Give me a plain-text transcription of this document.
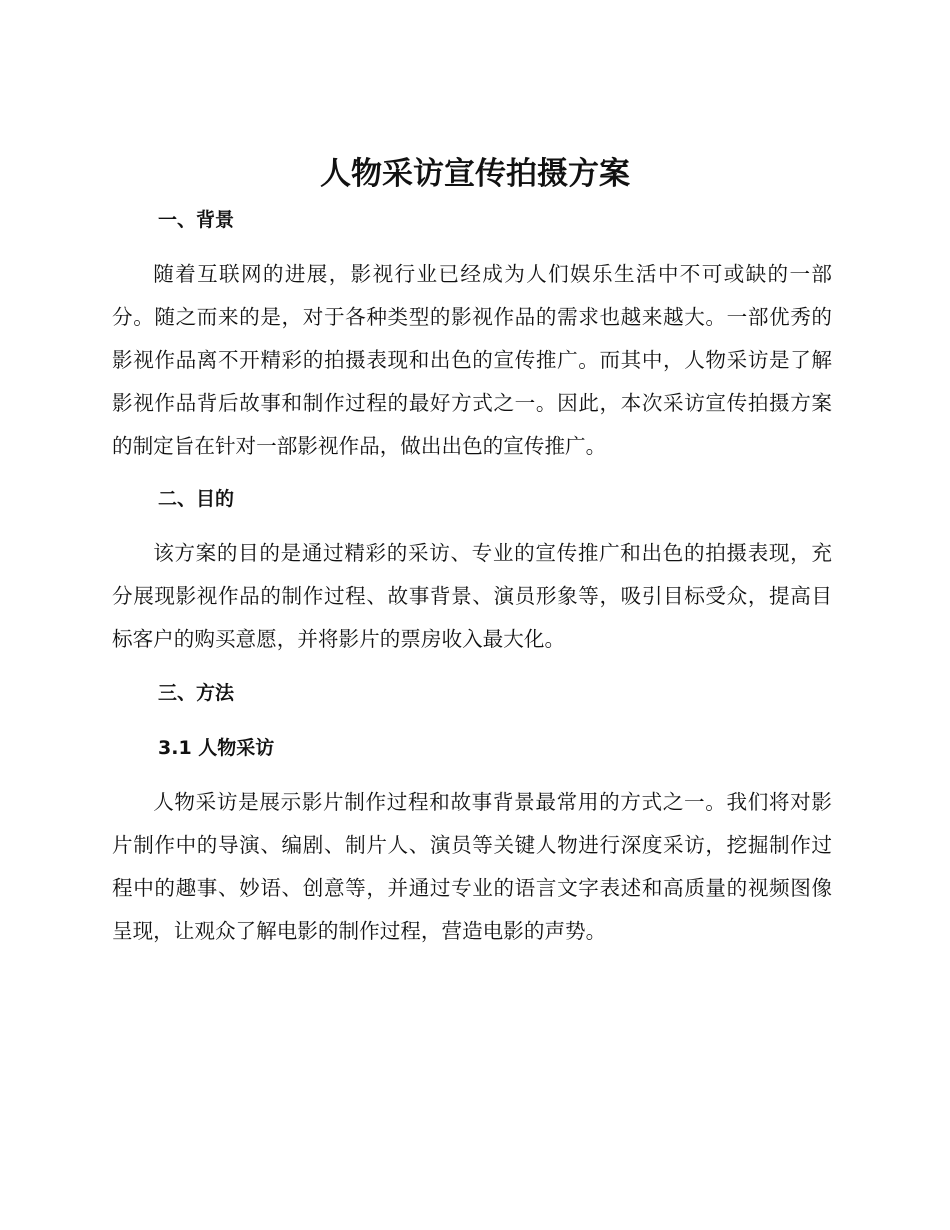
人物采访宣传拍摄方案
一、背景

随着互联网的进展，影视行业已经成为人们娱乐生活中不可或缺的一部分。随之而来的是，对于各种类型的影视作品的需求也越来越大。一部优秀的影视作品离不开精彩的拍摄表现和出色的宣传推广。而其中，人物采访是了解影视作品背后故事和制作过程的最好方式之一。因此，本次采访宣传拍摄方案的制定旨在针对一部影视作品，做出出色的宣传推广。

二、目的

该方案的目的是通过精彩的采访、专业的宣传推广和出色的拍摄表现，充分展现影视作品的制作过程、故事背景、演员形象等，吸引目标受众，提高目标客户的购买意愿，并将影片的票房收入最大化。

三、方法
3.1 人物采访

人物采访是展示影片制作过程和故事背景最常用的方式之一。我们将对影片制作中的导演、编剧、制片人、演员等关键人物进行深度采访，挖掘制作过程中的趣事、妙语、创意等，并通过专业的语言文字表述和高质量的视频图像呈现，让观众了解电影的制作过程，营造电影的声势。
